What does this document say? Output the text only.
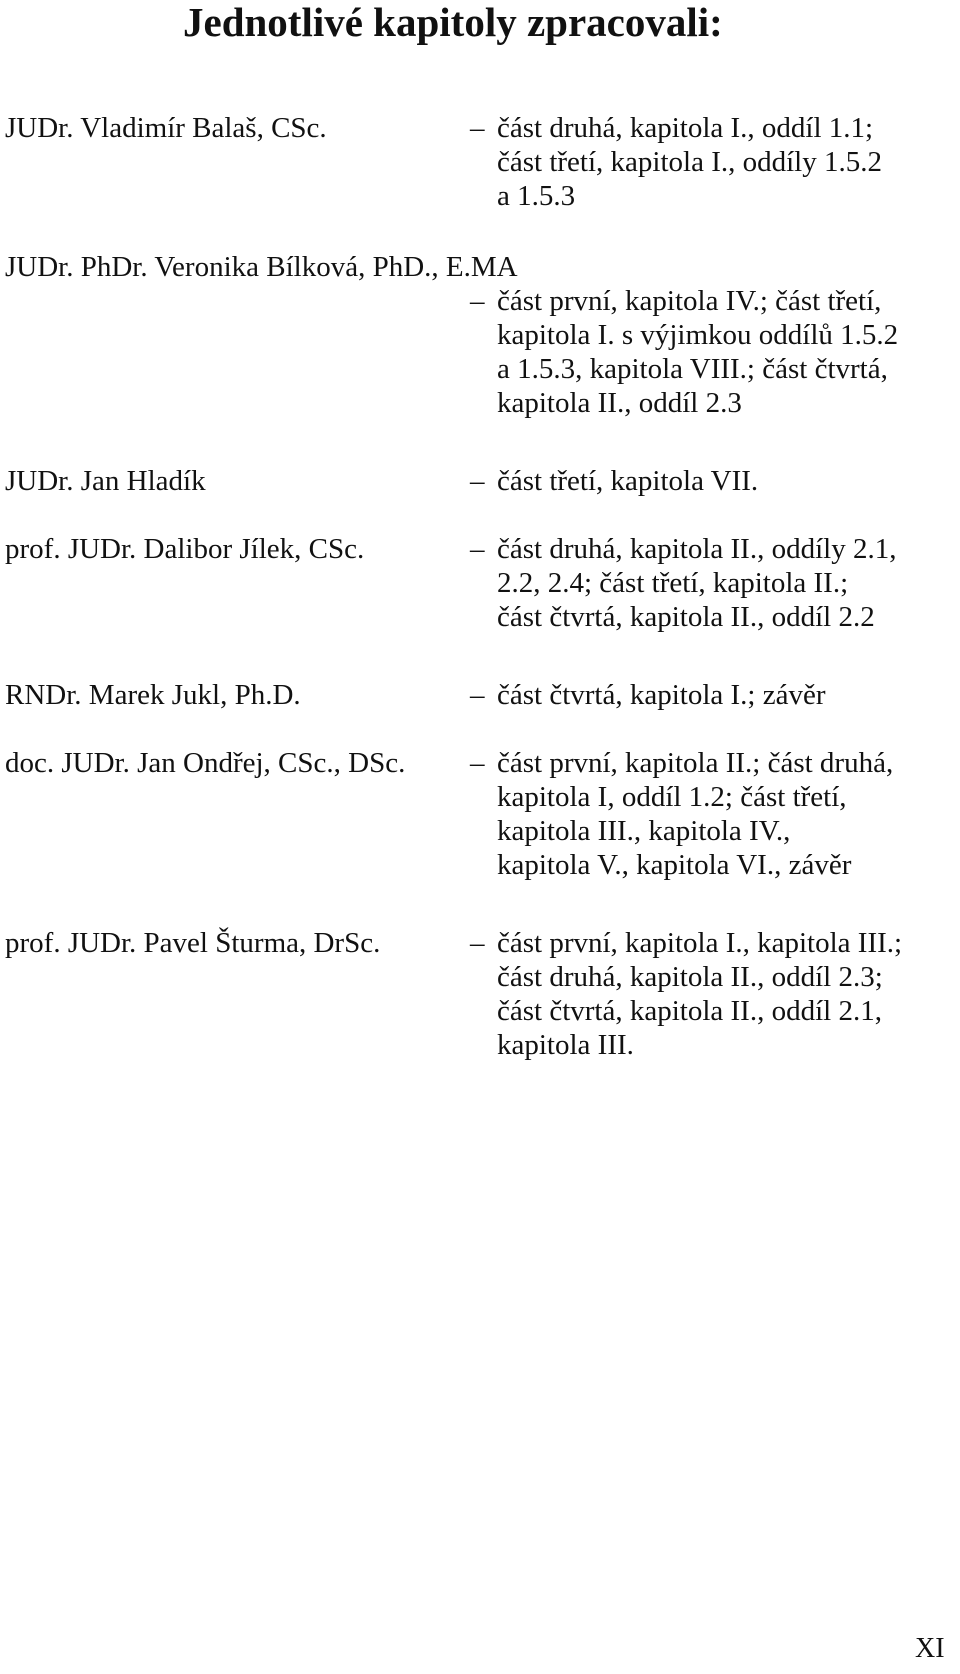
Jednotlivé kapitoly zpracovali:
JUDr. Vladimír Balaš, CSc.	– část druhá, kapitola I., oddíl 1.1;
část třetí, kapitola I., oddíly 1.5.2
a 1.5.3
JUDr. PhDr. Veronika Bílková, PhD., E.MA
– část první, kapitola IV.; část třetí,
kapitola I. s výjimkou oddílů 1.5.2
a 1.5.3, kapitola VIII.; část čtvrtá,
kapitola II., oddíl 2.3
JUDr. Jan Hladík	– část třetí, kapitola VII.
prof. JUDr. Dalibor Jílek, CSc.	– část druhá, kapitola II., oddíly 2.1,
2.2, 2.4; část třetí, kapitola II.;
část čtvrtá, kapitola II., oddíl 2.2
RNDr. Marek Jukl, Ph.D.	– část čtvrtá, kapitola I.; závěr
doc. JUDr. Jan Ondřej, CSc., DSc. – část první, kapitola II.; část druhá,
kapitola I, oddíl 1.2; část třetí,
kapitola III., kapitola IV.,
kapitola V., kapitola VI., závěr
prof. JUDr. Pavel Šturma, DrSc.	– část první, kapitola I., kapitola III.;
část druhá, kapitola II., oddíl 2.3;
část čtvrtá, kapitola II., oddíl 2.1,
kapitola III.
XI
